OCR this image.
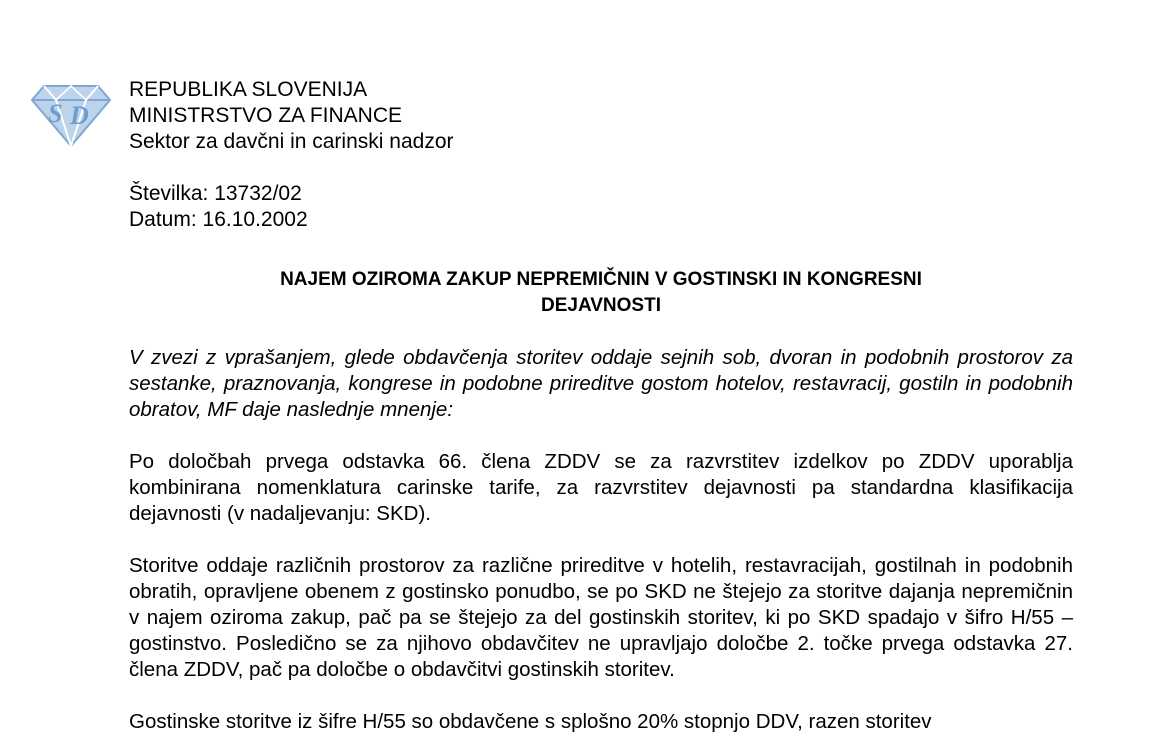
S D
REPUBLIKA SLOVENIJA
MINISTRSTVO ZA FINANCE
Sektor za davčni in carinski nadzor
Številka: 13732/02
Datum: 16.10.2002
NAJEM OZIROMA ZAKUP NEPREMIČNIN V GOSTINSKI IN KONGRESNI
DEJAVNOSTI
V zvezi z vprašanjem, glede obdavčenja storitev oddaje sejnih sob, dvoran in podobnih prostorov za sestanke, praznovanja, kongrese in podobne prireditve gostom hotelov, restavracij, gostiln in podobnih obratov, MF daje naslednje mnenje:
Po določbah prvega odstavka 66. člena ZDDV se za razvrstitev izdelkov po ZDDV uporablja kombinirana nomenklatura carinske tarife, za razvrstitev dejavnosti pa standardna klasifikacija dejavnosti (v nadaljevanju: SKD).
Storitve oddaje različnih prostorov za različne prireditve v hotelih, restavracijah, gostilnah in podobnih obratih, opravljene obenem z gostinsko ponudbo, se po SKD ne štejejo za storitve dajanja nepremičnin v najem oziroma zakup, pač pa se štejejo za del gostinskih storitev, ki po SKD spadajo v šifro H/55 – gostinstvo. Posledično se za njihovo obdavčitev ne upravljajo določbe 2. točke prvega odstavka 27. člena ZDDV, pač pa določbe o obdavčitvi gostinskih storitev.
Gostinske storitve iz šifre H/55 so obdavčene s splošno 20% stopnjo DDV, razen storitev
